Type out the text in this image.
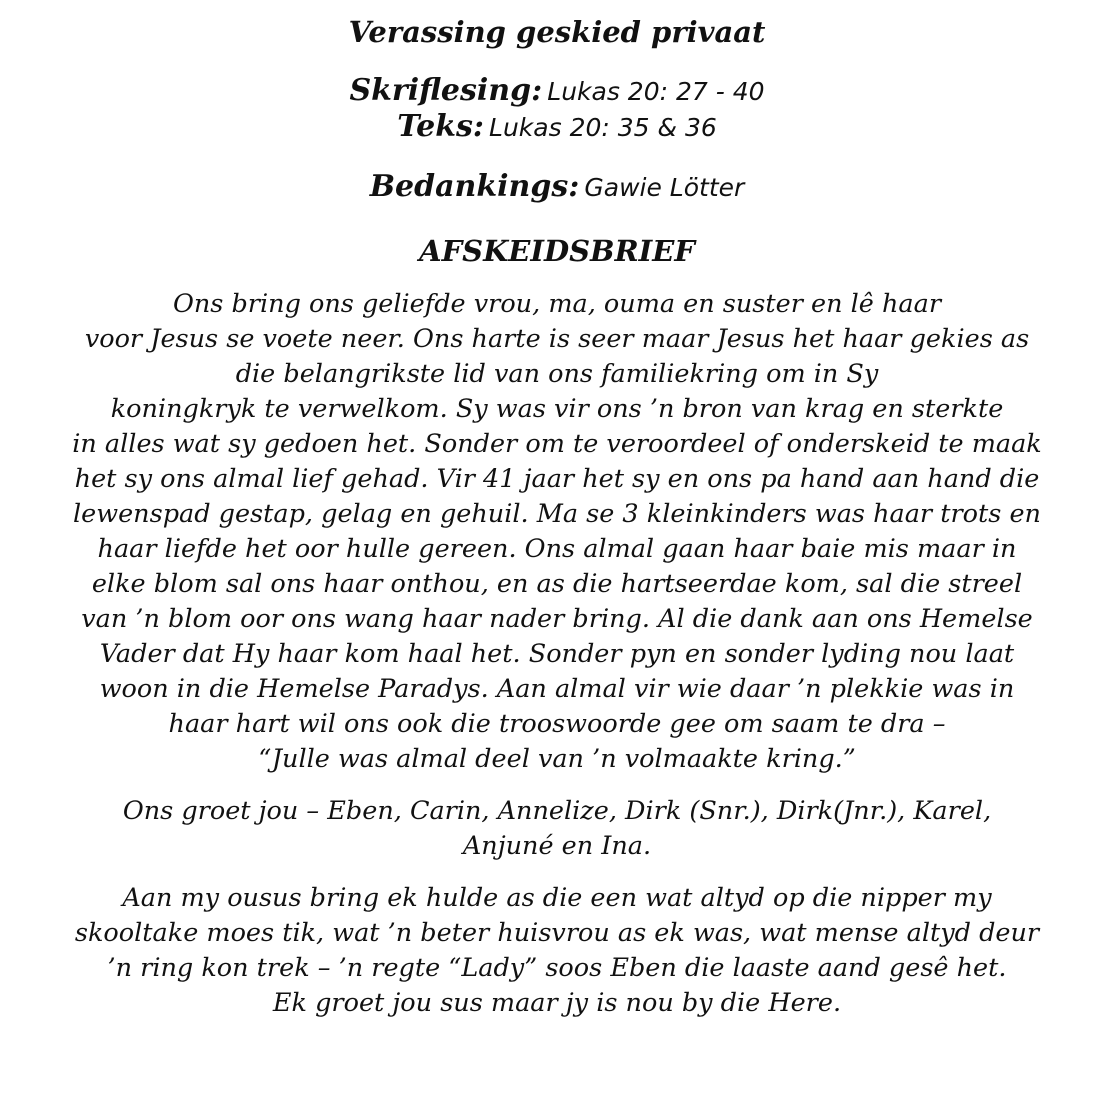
Verassing geskied privaat

Skriflesing: Lukas 20: 27 - 40

Teks: Lukas 20: 35 & 36

Bedankings: Gawie Lötter

AFSKEIDSBRIEF

Ons bring ons geliefde vrou, ma, ouma en suster en lê haar

voor Jesus se voete neer. Ons harte is seer maar Jesus het haar gekies as

die belangrikste lid van ons familiekring om in Sy

koningkryk te verwelkom. Sy was vir ons ’n bron van krag en sterkte

in alles wat sy gedoen het. Sonder om te veroordeel of onderskeid te maak

het sy ons almal lief gehad. Vir 41 jaar het sy en ons pa hand aan hand die

lewenspad gestap, gelag en gehuil. Ma se 3 kleinkinders was haar trots en

haar liefde het oor hulle gereen. Ons almal gaan haar baie mis maar in

elke blom sal ons haar onthou, en as die hartseerdae kom, sal die streel

van ’n blom oor ons wang haar nader bring. Al die dank aan ons Hemelse

Vader dat Hy haar kom haal het. Sonder pyn en sonder lyding nou laat

woon in die Hemelse Paradys. Aan almal vir wie daar ’n plekkie was in

haar hart wil ons ook die trooswoorde gee om saam te dra –

“Julle was almal deel van ’n volmaakte kring.”

Ons groet jou – Eben, Carin, Annelize, Dirk (Snr.), Dirk(Jnr.), Karel,

Anjuné en Ina.

Aan my ousus bring ek hulde as die een wat altyd op die nipper my

skooltake moes tik, wat ’n beter huisvrou as ek was, wat mense altyd deur

’n ring kon trek – ’n regte “Lady” soos Eben die laaste aand gesê het.

Ek groet jou sus maar jy is nou by die Here.
